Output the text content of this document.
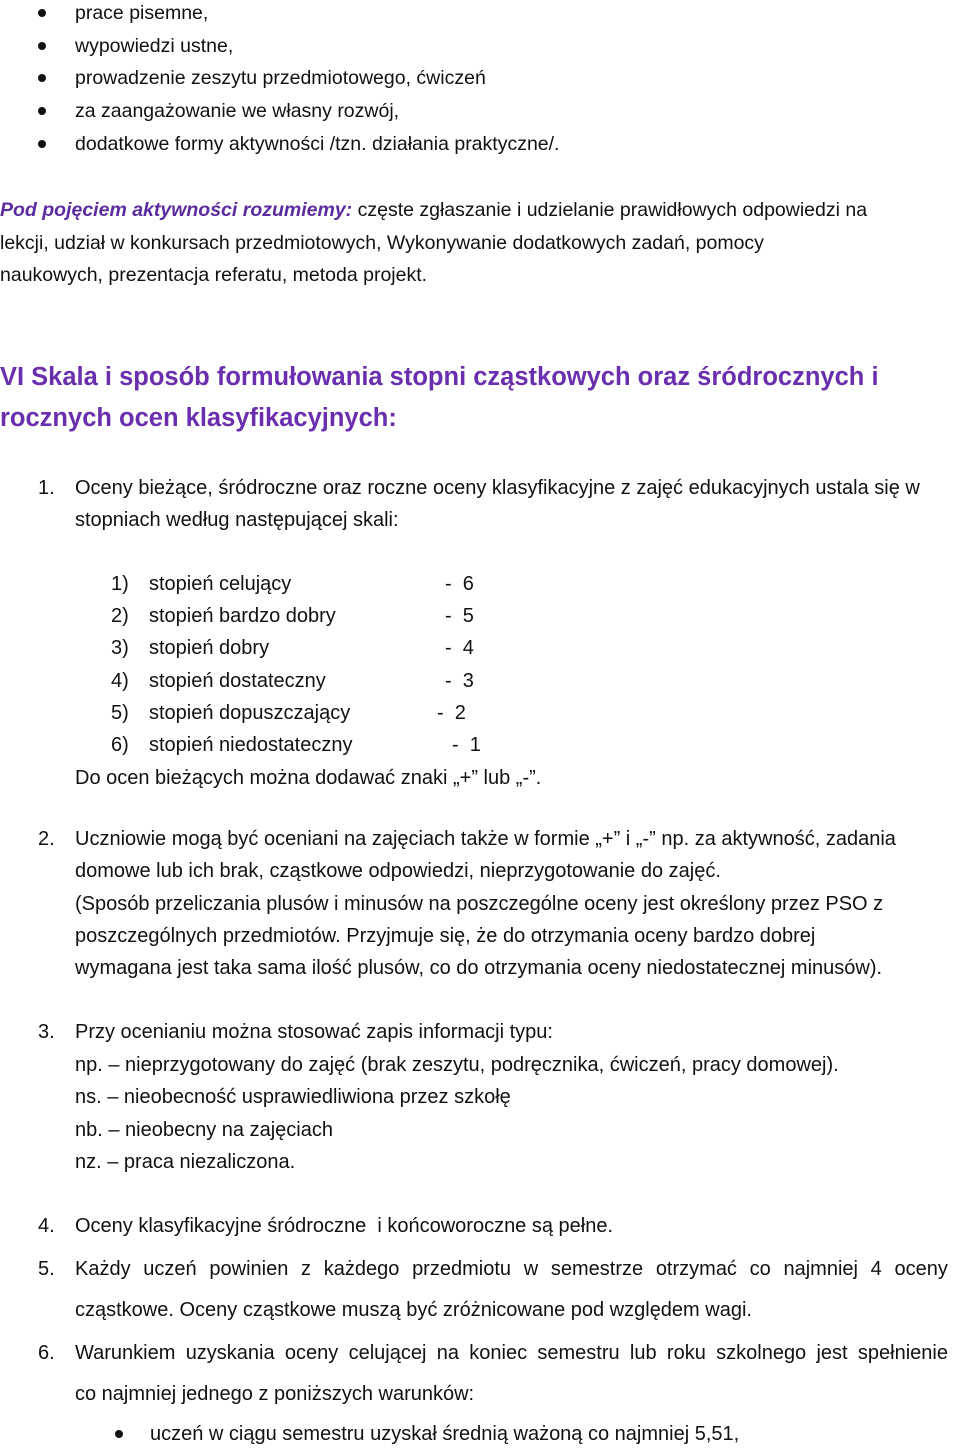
prace pisemne,
wypowiedzi ustne,
prowadzenie zeszytu przedmiotowego, ćwiczeń
za zaangażowanie we własny rozwój,
dodatkowe formy aktywności /tzn. działania praktyczne/.
Pod pojęciem aktywności rozumiemy: częste zgłaszanie i udzielanie prawidłowych odpowiedzi na
lekcji, udział w konkursach przedmiotowych, Wykonywanie dodatkowych zadań, pomocy
naukowych, prezentacja referatu, metoda projekt.
VI Skala i sposób formułowania stopni cząstkowych oraz śródrocznych i
rocznych ocen klasyfikacyjnych:
1. Oceny bieżące, śródroczne oraz roczne oceny klasyfikacyjne z zajęć edukacyjnych ustala się w
stopniach według następującej skali:
1) stopień celujący	-  6
2) stopień bardzo dobry	-  5
3) stopień dobry	-  4
4) stopień dostateczny	-  3
5) stopień dopuszczający	-  2
6) stopień niedostateczny	-  1
Do ocen bieżących można dodawać znaki „+” lub „-”.
2. Uczniowie mogą być oceniani na zajęciach także w formie „+” i „-” np. za aktywność, zadania
domowe lub ich brak, cząstkowe odpowiedzi, nieprzygotowanie do zajęć.
(Sposób przeliczania plusów i minusów na poszczególne oceny jest określony przez PSO z
poszczególnych przedmiotów. Przyjmuje się, że do otrzymania oceny bardzo dobrej
wymagana jest taka sama ilość plusów, co do otrzymania oceny niedostatecznej minusów).
3. Przy ocenianiu można stosować zapis informacji typu:
np. – nieprzygotowany do zajęć (brak zeszytu, podręcznika, ćwiczeń, pracy domowej).
ns. – nieobecność usprawiedliwiona przez szkołę
nb. – nieobecny na zajęciach
nz. – praca niezaliczona.
4. Oceny klasyfikacyjne śródroczne  i końcoworoczne są pełne.
5. Każdy uczeń powinien z każdego przedmiotu w semestrze otrzymać co najmniej 4 oceny
cząstkowe. Oceny cząstkowe muszą być zróżnicowane pod względem wagi.
6. Warunkiem uzyskania oceny celującej na koniec semestru lub roku szkolnego jest spełnienie
co najmniej jednego z poniższych warunków:
uczeń w ciągu semestru uzyskał średnią ważoną co najmniej 5,51,
